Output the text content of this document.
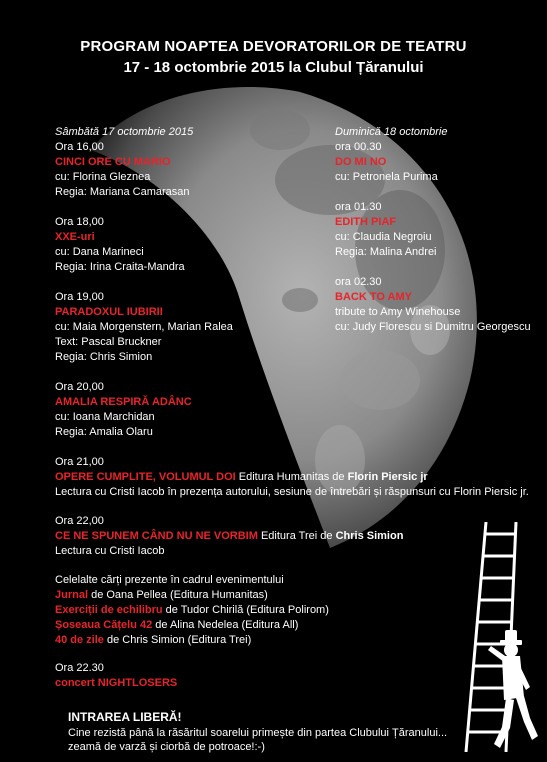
PROGRAM NOAPTEA DEVORATORILOR DE TEATRU
17 - 18 octombrie 2015 la Clubul Țăranului
Sâmbătă 17 octombrie 2015
Ora 16,00
CINCI ORE CU MARIO
cu: Florina Gleznea
Regia: Mariana Camarasan
Ora 18,00
XXE-uri
cu: Dana Marineci
Regia: Irina Craita-Mandra
Ora 19,00
PARADOXUL IUBIRII
cu: Maia Morgenstern, Marian Ralea
Text: Pascal Bruckner
Regia: Chris Simion
Ora 20,00
AMALIA RESPIRĂ ADÂNC
cu: Ioana Marchidan
Regia: Amalia Olaru
Duminică 18 octombrie
ora 00.30
DO MI NO
cu: Petronela Purima
ora 01.30
EDITH PIAF
cu: Claudia Negroiu
Regia: Malina Andrei
ora 02.30
BACK TO AMY
tribute to Amy Winehouse
cu: Judy Florescu si Dumitru Georgescu
Ora 21,00
OPERE CUMPLITE, VOLUMUL DOI Editura Humanitas de Florin Piersic jr
Lectura cu Cristi Iacob în prezența autorului, sesiune de întrebări și răspunsuri cu Florin Piersic jr.
Ora 22,00
CE NE SPUNEM CÂND NU NE VORBIM Editura Trei de Chris Simion
Lectura cu Cristi Iacob
Celelalte cărți prezente în cadrul evenimentului
Jurnal de Oana Pellea (Editura Humanitas)
Exerciții de echilibru de Tudor Chirilă (Editura Polirom)
Șoseaua Cățelu 42 de Alina Nedelea (Editura All)
40 de zile de Chris Simion (Editura Trei)
Ora 22.30
concert NIGHTLOSERS
INTRAREA LIBERĂ!
Cine rezistă până la răsăritul soarelui primește din partea Clubului Țăranului...
zeamă de varză și ciorbă de potroace!:-)
